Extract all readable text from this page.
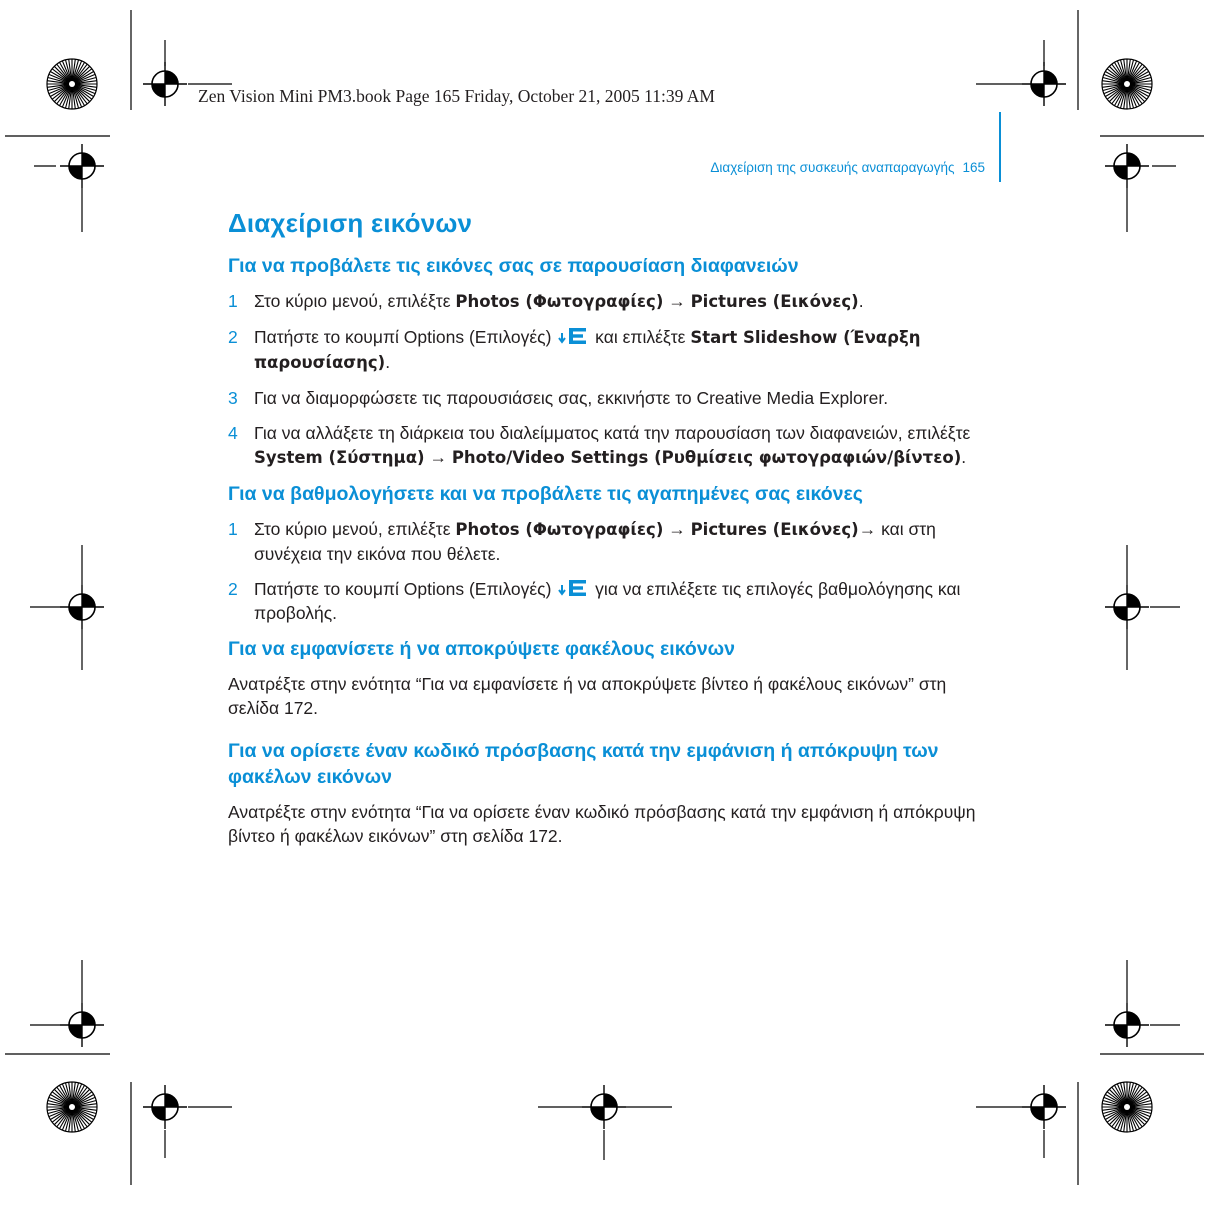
Zen Vision Mini PM3.book Page 165 Friday, October 21, 2005 11:39 AM
Διαχείριση της συσκευής αναπαραγωγής 165
Διαχείριση εικόνων
Για να προβάλετε τις εικόνες σας σε παρουσίαση διαφανειών
1 Στο κύριο μενού, επιλέξτε Photos (Φωτογραφίες) → Pictures (Εικόνες).
2 Πατήστε το κουμπί Options (Επιλογές)  και επιλέξτε Start Slideshow (Έναρξη παρουσίασης).
3 Για να διαμορφώσετε τις παρουσιάσεις σας, εκκινήστε το Creative Media Explorer.
4 Για να αλλάξετε τη διάρκεια του διαλείμματος κατά την παρουσίαση των διαφανειών, επιλέξτε System (Σύστημα) → Photo/Video Settings (Ρυθμίσεις φωτογραφιών/βίντεο).
Για να βαθμολογήσετε και να προβάλετε τις αγαπημένες σας εικόνες
1 Στο κύριο μενού, επιλέξτε Photos (Φωτογραφίες) → Pictures (Εικόνες)→ και στη συνέχεια την εικόνα που θέλετε.
2 Πατήστε το κουμπί Options (Επιλογές)  για να επιλέξετε τις επιλογές βαθμολόγησης και προβολής.
Για να εμφανίσετε ή να αποκρύψετε φακέλους εικόνων

Ανατρέξτε στην ενότητα “Για να εμφανίσετε ή να αποκρύψετε βίντεο ή φακέλους εικόνων” στη σελίδα 172.

Για να ορίσετε έναν κωδικό πρόσβασης κατά την εμφάνιση ή απόκρυψη των φακέλων εικόνων

Ανατρέξτε στην ενότητα “Για να ορίσετε έναν κωδικό πρόσβασης κατά την εμφάνιση ή απόκρυψη βίντεο ή φακέλων εικόνων” στη σελίδα 172.
